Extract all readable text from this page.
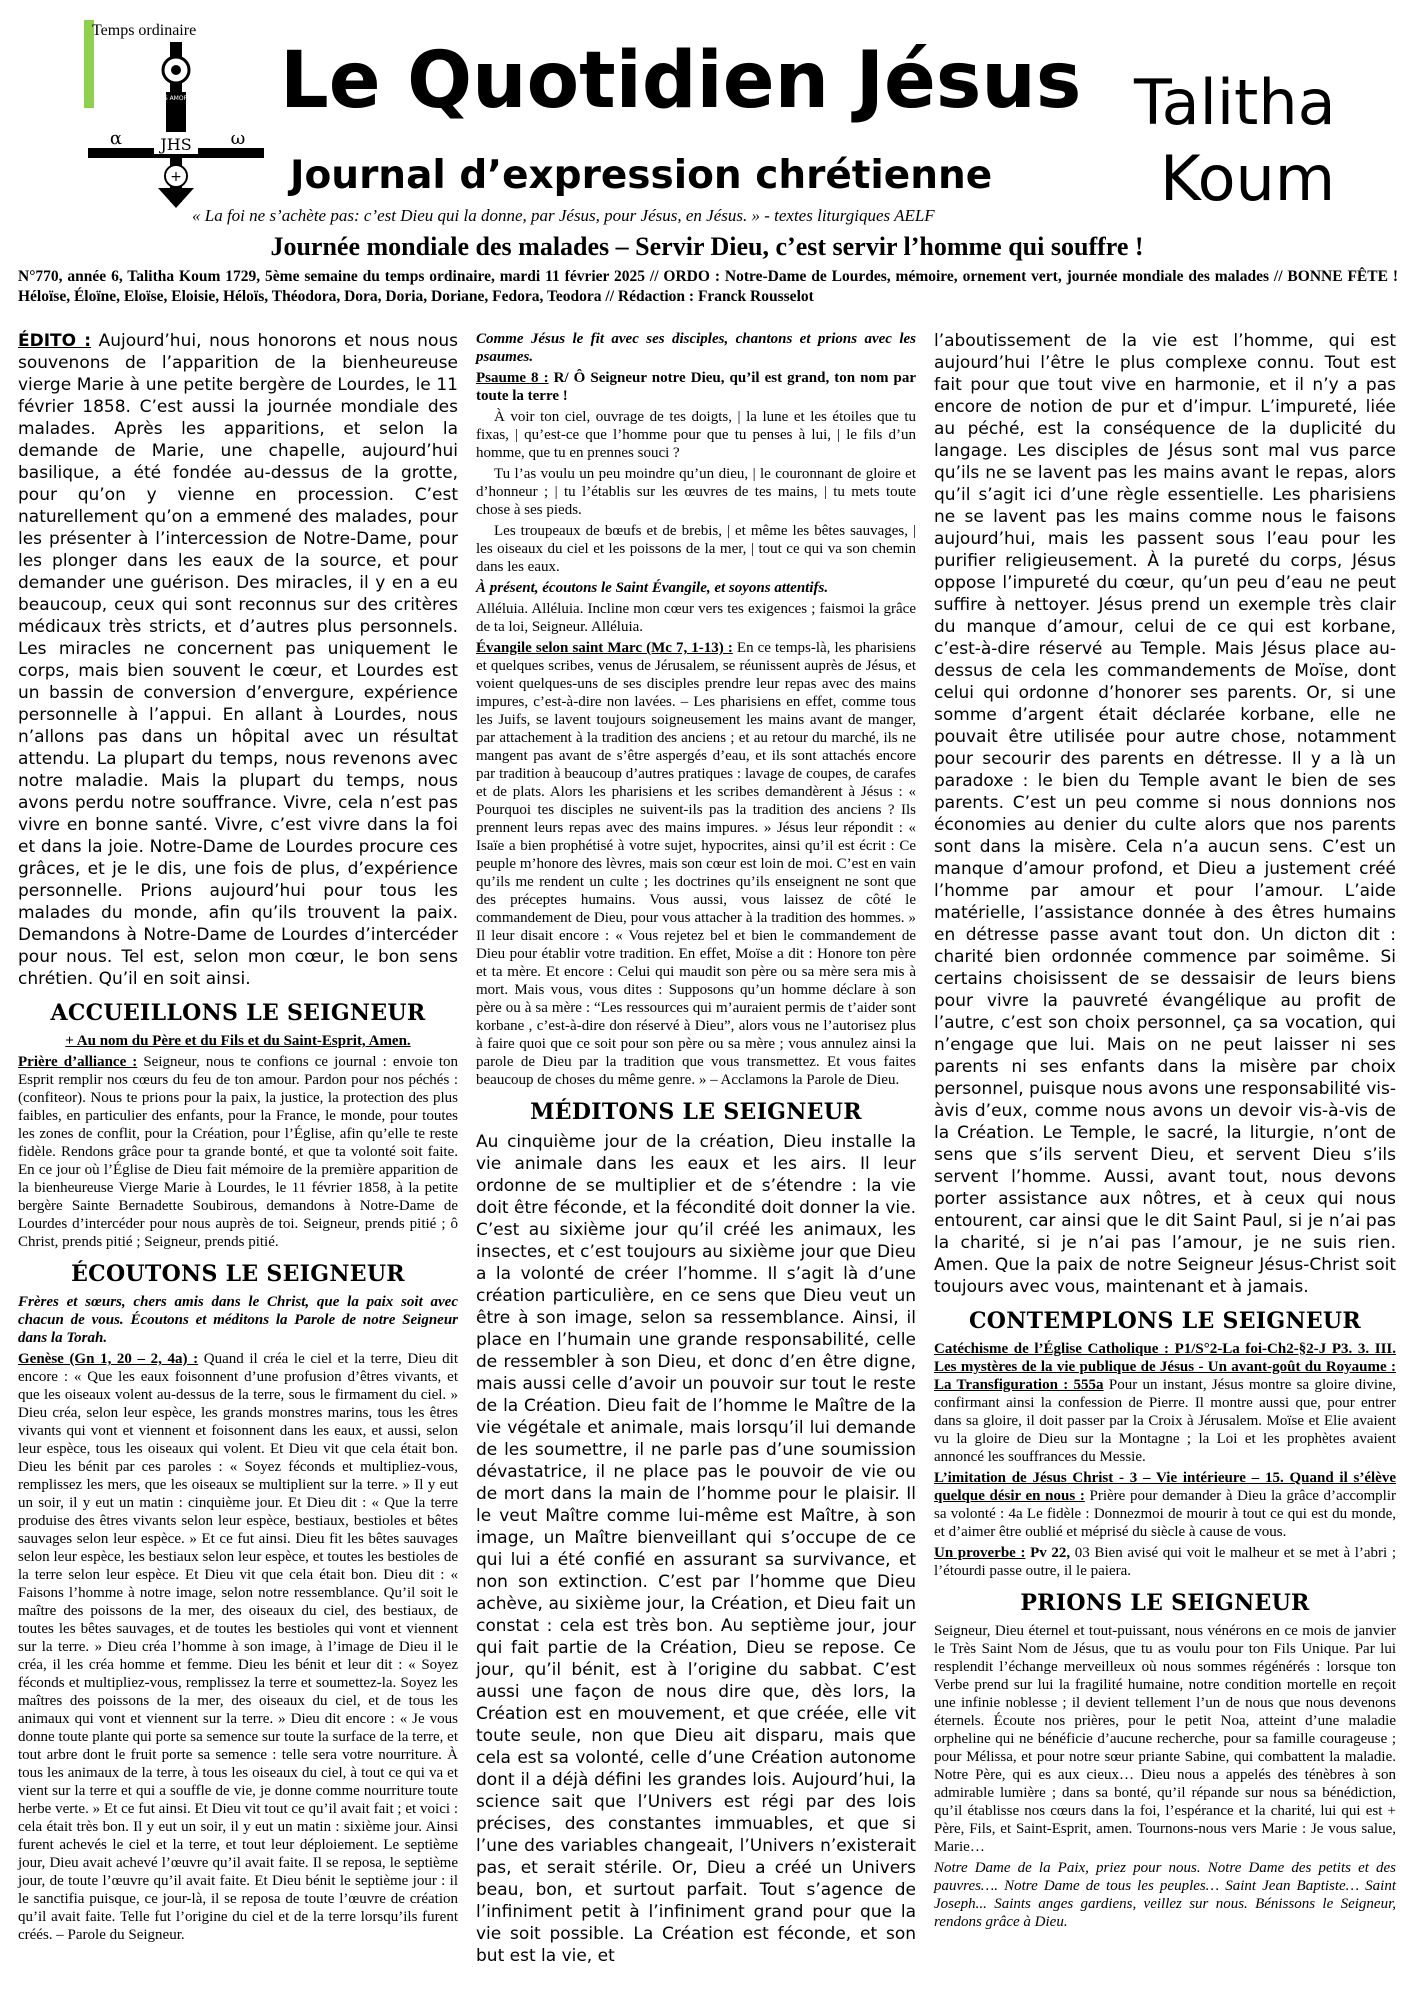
Temps ordinaire
DEUS AMOR EST
α	ω
JHS
+
Le Quotidien Jésus
Journal d’expression chrétienne
« La foi ne s’achète pas: c’est Dieu qui la donne, par Jésus, pour Jésus, en Jésus. » - textes liturgiques AELF
Talitha
Koum
Journée mondiale des malades – Servir Dieu, c’est servir l’homme qui souffre !
N°770, année 6, Talitha Koum 1729, 5ème semaine du temps ordinaire, mardi 11 février 2025 // ORDO : Notre-Dame de Lourdes, mémoire, ornement vert, journée mondiale des malades // BONNE FÊTE ! Héloïse, Éloïne, Eloïse, Eloisie, Héloïs, Théodora, Dora, Doria, Doriane, Fedora, Teodora // Rédaction : Franck Rousselot

ÉDITO : Aujourd’hui, nous honorons et nous nous souvenons de l’apparition de la bienheureuse vierge Marie à une petite bergère de Lourdes, le 11 février 1858. C’est aussi la journée mondiale des malades. Après les apparitions, et selon la demande de Marie, une chapelle, aujourd’hui basilique, a été fondée au-dessus de la grotte, pour qu’on y vienne en procession. C’est naturellement qu’on a emmené des malades, pour les présenter à l’intercession de Notre-Dame, pour les plonger dans les eaux de la source, et pour demander une guérison. Des miracles, il y en a eu beaucoup, ceux qui sont reconnus sur des critères médicaux très stricts, et d’autres plus personnels. Les miracles ne concernent pas uniquement le corps, mais bien souvent le cœur, et Lourdes est un bassin de conversion d’envergure, expérience personnelle à l’appui. En allant à Lourdes, nous n’allons pas dans un hôpital avec un résultat attendu. La plupart du temps, nous revenons avec notre maladie. Mais la plupart du temps, nous avons perdu notre souffrance. Vivre, cela n’est pas vivre en bonne santé. Vivre, c’est vivre dans la foi et dans la joie. Notre-Dame de Lourdes procure ces grâces, et je le dis, une fois de plus, d’expérience personnelle. Prions aujourd’hui pour tous les malades du monde, afin qu’ils trouvent la paix. Demandons à Notre-Dame de Lourdes d’intercéder pour nous. Tel est, selon mon cœur, le bon sens chrétien. Qu’il en soit ainsi.

ACCUEILLONS LE SEIGNEUR

+ Au nom du Père et du Fils et du Saint-Esprit, Amen.

Prière d’alliance : Seigneur, nous te confions ce journal : envoie ton Esprit remplir nos cœurs du feu de ton amour. Pardon pour nos péchés : (confiteor). Nous te prions pour la paix, la justice, la protection des plus faibles, en particulier des enfants, pour la France, le monde, pour toutes les zones de conflit, pour la Création, pour l’Église, afin qu’elle te reste fidèle. Rendons grâce pour ta grande bonté, et que ta volonté soit faite. En ce jour où l’Église de Dieu fait mémoire de la première apparition de la bienheureuse Vierge Marie à Lourdes, le 11 février 1858, à la petite bergère Sainte Bernadette Soubirous, demandons à Notre-Dame de Lourdes d’intercéder pour nous auprès de toi. Seigneur, prends pitié ; ô Christ, prends pitié ; Seigneur, prends pitié.

ÉCOUTONS LE SEIGNEUR

Frères et sœurs, chers amis dans le Christ, que la paix soit avec chacun de vous. Écoutons et méditons la Parole de notre Seigneur dans la Torah.

Genèse (Gn 1, 20 – 2, 4a) : Quand il créa le ciel et la terre, Dieu dit encore : « Que les eaux foisonnent d’une profusion d’êtres vivants, et que les oiseaux volent au-dessus de la terre, sous le firmament du ciel. » Dieu créa, selon leur espèce, les grands monstres marins, tous les êtres vivants qui vont et viennent et foisonnent dans les eaux, et aussi, selon leur espèce, tous les oiseaux qui volent. Et Dieu vit que cela était bon. Dieu les bénit par ces paroles : « Soyez féconds et multipliez-vous, remplissez les mers, que les oiseaux se multiplient sur la terre. » Il y eut un soir, il y eut un matin : cinquième jour. Et Dieu dit : « Que la terre produise des êtres vivants selon leur espèce, bestiaux, bestioles et bêtes sauvages selon leur espèce. » Et ce fut ainsi. Dieu fit les bêtes sauvages selon leur espèce, les bestiaux selon leur espèce, et toutes les bestioles de la terre selon leur espèce. Et Dieu vit que cela était bon. Dieu dit : « Faisons l’homme à notre image, selon notre ressemblance. Qu’il soit le maître des poissons de la mer, des oiseaux du ciel, des bestiaux, de toutes les bêtes sauvages, et de toutes les bestioles qui vont et viennent sur la terre. » Dieu créa l’homme à son image, à l’image de Dieu il le créa, il les créa homme et femme. Dieu les bénit et leur dit : « Soyez féconds et multipliez-vous, remplissez la terre et soumettez-la. Soyez les maîtres des poissons de la mer, des oiseaux du ciel, et de tous les animaux qui vont et viennent sur la terre. » Dieu dit encore : « Je vous donne toute plante qui porte sa semence sur toute la surface de la terre, et tout arbre dont le fruit porte sa semence : telle sera votre nourriture. À tous les animaux de la terre, à tous les oiseaux du ciel, à tout ce qui va et vient sur la terre et qui a souffle de vie, je donne comme nourriture toute herbe verte. » Et ce fut ainsi. Et Dieu vit tout ce qu’il avait fait ; et voici : cela était très bon. Il y eut un soir, il y eut un matin : sixième jour. Ainsi furent achevés le ciel et la terre, et tout leur déploiement. Le septième jour, Dieu avait achevé l’œuvre qu’il avait faite. Il se reposa, le septième jour, de toute l’œuvre qu’il avait faite. Et Dieu bénit le septième jour : il le sanctifia puisque, ce jour-là, il se reposa de toute l’œuvre de création qu’il avait faite. Telle fut l’origine du ciel et de la terre lorsqu’ils furent créés. – Parole du Seigneur.

Comme Jésus le fit avec ses disciples, chantons et prions avec les psaumes.

Psaume 8 : R/ Ô Seigneur notre Dieu, qu’il est grand, ton nom par toute la terre !

À voir ton ciel, ouvrage de tes doigts, | la lune et les étoiles que tu fixas, | qu’est-ce que l’homme pour que tu penses à lui, | le fils d’un homme, que tu en prennes souci ?

Tu l’as voulu un peu moindre qu’un dieu, | le couronnant de gloire et d’honneur ; | tu l’établis sur les œuvres de tes mains, | tu mets toute chose à ses pieds.

Les troupeaux de bœufs et de brebis, | et même les bêtes sauvages, | les oiseaux du ciel et les poissons de la mer, | tout ce qui va son chemin dans les eaux.

À présent, écoutons le Saint Évangile, et soyons attentifs.

Alléluia. Alléluia. Incline mon cœur vers tes exigences ; faismoi la grâce de ta loi, Seigneur. Alléluia.

Évangile selon saint Marc (Mc 7, 1-13) : En ce temps-là, les pharisiens et quelques scribes, venus de Jérusalem, se réunissent auprès de Jésus, et voient quelques-uns de ses disciples prendre leur repas avec des mains impures, c’est-à-dire non lavées. – Les pharisiens en effet, comme tous les Juifs, se lavent toujours soigneusement les mains avant de manger, par attachement à la tradition des anciens ; et au retour du marché, ils ne mangent pas avant de s’être aspergés d’eau, et ils sont attachés encore par tradition à beaucoup d’autres pratiques : lavage de coupes, de carafes et de plats. Alors les pharisiens et les scribes demandèrent à Jésus : « Pourquoi tes disciples ne suivent-ils pas la tradition des anciens ? Ils prennent leurs repas avec des mains impures. » Jésus leur répondit : « Isaïe a bien prophétisé à votre sujet, hypocrites, ainsi qu’il est écrit : Ce peuple m’honore des lèvres, mais son cœur est loin de moi. C’est en vain qu’ils me rendent un culte ; les doctrines qu’ils enseignent ne sont que des préceptes humains. Vous aussi, vous laissez de côté le commandement de Dieu, pour vous attacher à la tradition des hommes. » Il leur disait encore : « Vous rejetez bel et bien le commandement de Dieu pour établir votre tradition. En effet, Moïse a dit : Honore ton père et ta mère. Et encore : Celui qui maudit son père ou sa mère sera mis à mort. Mais vous, vous dites : Supposons qu’un homme déclare à son père ou à sa mère : “Les ressources qui m’auraient permis de t’aider sont korbane , c’est-à-dire don réservé à Dieu”, alors vous ne l’autorisez plus à faire quoi que ce soit pour son père ou sa mère ; vous annulez ainsi la parole de Dieu par la tradition que vous transmettez. Et vous faites beaucoup de choses du même genre. » – Acclamons la Parole de Dieu.

MÉDITONS LE SEIGNEUR

Au cinquième jour de la création, Dieu installe la vie animale dans les eaux et les airs. Il leur ordonne de se multiplier et de s’étendre : la vie doit être féconde, et la fécondité doit donner la vie. C’est au sixième jour qu’il créé les animaux, les insectes, et c’est toujours au sixième jour que Dieu a la volonté de créer l’homme. Il s’agit là d’une création particulière, en ce sens que Dieu veut un être à son image, selon sa ressemblance. Ainsi, il place en l’humain une grande responsabilité, celle de ressembler à son Dieu, et donc d’en être digne, mais aussi celle d’avoir un pouvoir sur tout le reste de la Création. Dieu fait de l’homme le Maître de la vie végétale et animale, mais lorsqu’il lui demande de les soumettre, il ne parle pas d’une soumission dévastatrice, il ne place pas le pouvoir de vie ou de mort dans la main de l’homme pour le plaisir. Il le veut Maître comme lui-même est Maître, à son image, un Maître bienveillant qui s’occupe de ce qui lui a été confié en assurant sa survivance, et non son extinction. C’est par l’homme que Dieu achève, au sixième jour, la Création, et Dieu fait un constat : cela est très bon. Au septième jour, jour qui fait partie de la Création, Dieu se repose. Ce jour, qu’il bénit, est à l’origine du sabbat. C’est aussi une façon de nous dire que, dès lors, la Création est en mouvement, et que créée, elle vit toute seule, non que Dieu ait disparu, mais que cela est sa volonté, celle d’une Création autonome dont il a déjà défini les grandes lois. Aujourd’hui, la science sait que l’Univers est régi par des lois précises, des constantes immuables, et que si l’une des variables changeait, l’Univers n’existerait pas, et serait stérile. Or, Dieu a créé un Univers beau, bon, et surtout parfait. Tout s’agence de l’infiniment petit à l’infiniment grand pour que la vie soit possible. La Création est féconde, et son but est la vie, et

l’aboutissement de la vie est l’homme, qui est aujourd’hui l’être le plus complexe connu. Tout est fait pour que tout vive en harmonie, et il n’y a pas encore de notion de pur et d’impur. L’impureté, liée au péché, est la conséquence de la duplicité du langage. Les disciples de Jésus sont mal vus parce qu’ils ne se lavent pas les mains avant le repas, alors qu’il s’agit ici d’une règle essentielle. Les pharisiens ne se lavent pas les mains comme nous le faisons aujourd’hui, mais les passent sous l’eau pour les purifier religieusement. À la pureté du corps, Jésus oppose l’impureté du cœur, qu’un peu d’eau ne peut suffire à nettoyer. Jésus prend un exemple très clair du manque d’amour, celui de ce qui est korbane, c’est-à-dire réservé au Temple. Mais Jésus place au-dessus de cela les commandements de Moïse, dont celui qui ordonne d’honorer ses parents. Or, si une somme d’argent était déclarée korbane, elle ne pouvait être utilisée pour autre chose, notamment pour secourir des parents en détresse. Il y a là un paradoxe : le bien du Temple avant le bien de ses parents. C’est un peu comme si nous donnions nos économies au denier du culte alors que nos parents sont dans la misère. Cela n’a aucun sens. C’est un manque d’amour profond, et Dieu a justement créé l’homme par amour et pour l’amour. L’aide matérielle, l’assistance donnée à des êtres humains en détresse passe avant tout don. Un dicton dit : charité bien ordonnée commence par soimême. Si certains choisissent de se dessaisir de leurs biens pour vivre la pauvreté évangélique au profit de l’autre, c’est son choix personnel, ça sa vocation, qui n’engage que lui. Mais on ne peut laisser ni ses parents ni ses enfants dans la misère par choix personnel, puisque nous avons une responsabilité vis-àvis d’eux, comme nous avons un devoir vis-à-vis de la Création. Le Temple, le sacré, la liturgie, n’ont de sens que s’ils servent Dieu, et servent Dieu s’ils servent l’homme. Aussi, avant tout, nous devons porter assistance aux nôtres, et à ceux qui nous entourent, car ainsi que le dit Saint Paul, si je n’ai pas la charité, si je n’ai pas l’amour, je ne suis rien. Amen. Que la paix de notre Seigneur Jésus-Christ soit toujours avec vous, maintenant et à jamais.

CONTEMPLONS LE SEIGNEUR

Catéchisme de l’Église Catholique : P1/S°2-La foi-Ch2-§2-J P3. 3. III. Les mystères de la vie publique de Jésus - Un avant-goût du Royaume : La Transfiguration : 555a Pour un instant, Jésus montre sa gloire divine, confirmant ainsi la confession de Pierre. Il montre aussi que, pour entrer dans sa gloire, il doit passer par la Croix à Jérusalem. Moïse et Elie avaient vu la gloire de Dieu sur la Montagne ; la Loi et les prophètes avaient annoncé les souffrances du Messie.

L’imitation de Jésus Christ - 3 – Vie intérieure – 15. Quand il s’élève quelque désir en nous : Prière pour demander à Dieu la grâce d’accomplir sa volonté : 4a Le fidèle : Donnezmoi de mourir à tout ce qui est du monde, et d’aimer être oublié et méprisé du siècle à cause de vous.

Un proverbe : Pv 22, 03 Bien avisé qui voit le malheur et se met à l’abri ; l’étourdi passe outre, il le paiera.

PRIONS LE SEIGNEUR

Seigneur, Dieu éternel et tout-puissant, nous vénérons en ce mois de janvier le Très Saint Nom de Jésus, que tu as voulu pour ton Fils Unique. Par lui resplendit l’échange merveilleux où nous sommes régénérés : lorsque ton Verbe prend sur lui la fragilité humaine, notre condition mortelle en reçoit une infinie noblesse ; il devient tellement l’un de nous que nous devenons éternels. Écoute nos prières, pour le petit Noa, atteint d’une maladie orpheline qui ne bénéficie d’aucune recherche, pour sa famille courageuse ; pour Mélissa, et pour notre sœur priante Sabine, qui combattent la maladie. Notre Père, qui es aux cieux… Dieu nous a appelés des ténèbres à son admirable lumière ; dans sa bonté, qu’il répande sur nous sa bénédiction, qu’il établisse nos cœurs dans la foi, l’espérance et la charité, lui qui est + Père, Fils, et Saint-Esprit, amen. Tournons-nous vers Marie : Je vous salue, Marie…

Notre Dame de la Paix, priez pour nous. Notre Dame des petits et des pauvres…. Notre Dame de tous les peuples… Saint Jean Baptiste… Saint Joseph... Saints anges gardiens, veillez sur nous. Bénissons le Seigneur, rendons grâce à Dieu.
